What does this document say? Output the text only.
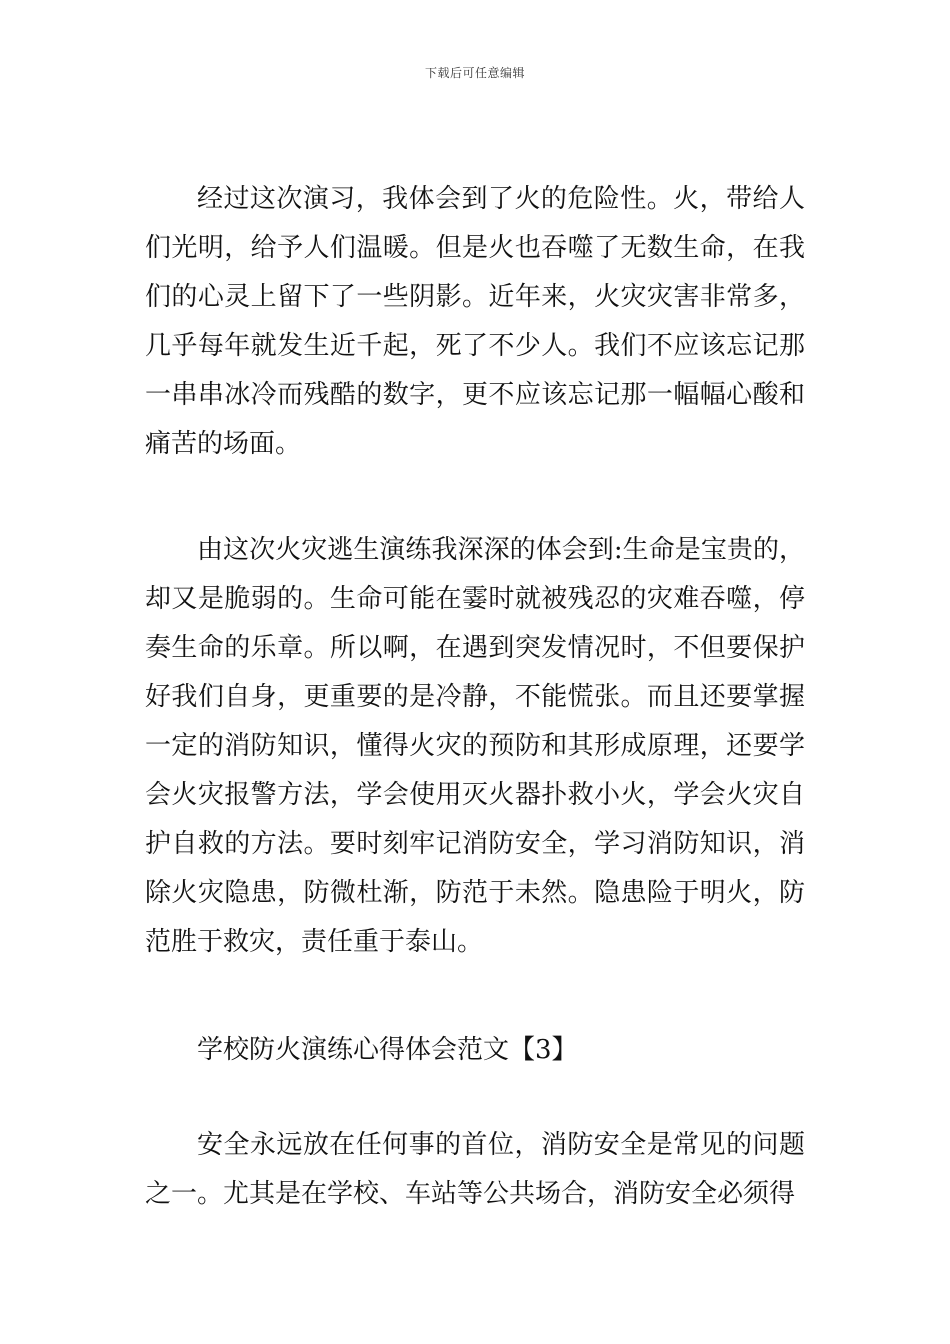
下载后可任意编辑

经过这次演习，我体会到了火的危险性。火，带给人们光明，给予人们温暖。但是火也吞噬了无数生命，在我们的心灵上留下了一些阴影。近年来，火灾灾害非常多，几乎每年就发生近千起，死了不少人。我们不应该忘记那一串串冰冷而残酷的数字，更不应该忘记那一幅幅心酸和痛苦的场面。

由这次火灾逃生演练我深深的体会到:生命是宝贵的，却又是脆弱的。生命可能在霎时就被残忍的灾难吞噬，停奏生命的乐章。所以啊，在遇到突发情况时，不但要保护好我们自身，更重要的是冷静，不能慌张。而且还要掌握一定的消防知识，懂得火灾的预防和其形成原理，还要学会火灾报警方法，学会使用灭火器扑救小火，学会火灾自护自救的方法。要时刻牢记消防安全，学习消防知识，消除火灾隐患，防微杜渐，防范于未然。隐患险于明火，防范胜于救灾，责任重于泰山。

学校防火演练心得体会范文【3】

安全永远放在任何事的首位，消防安全是常见的问题之一。尤其是在学校、车站等公共场合，消防安全必须得
